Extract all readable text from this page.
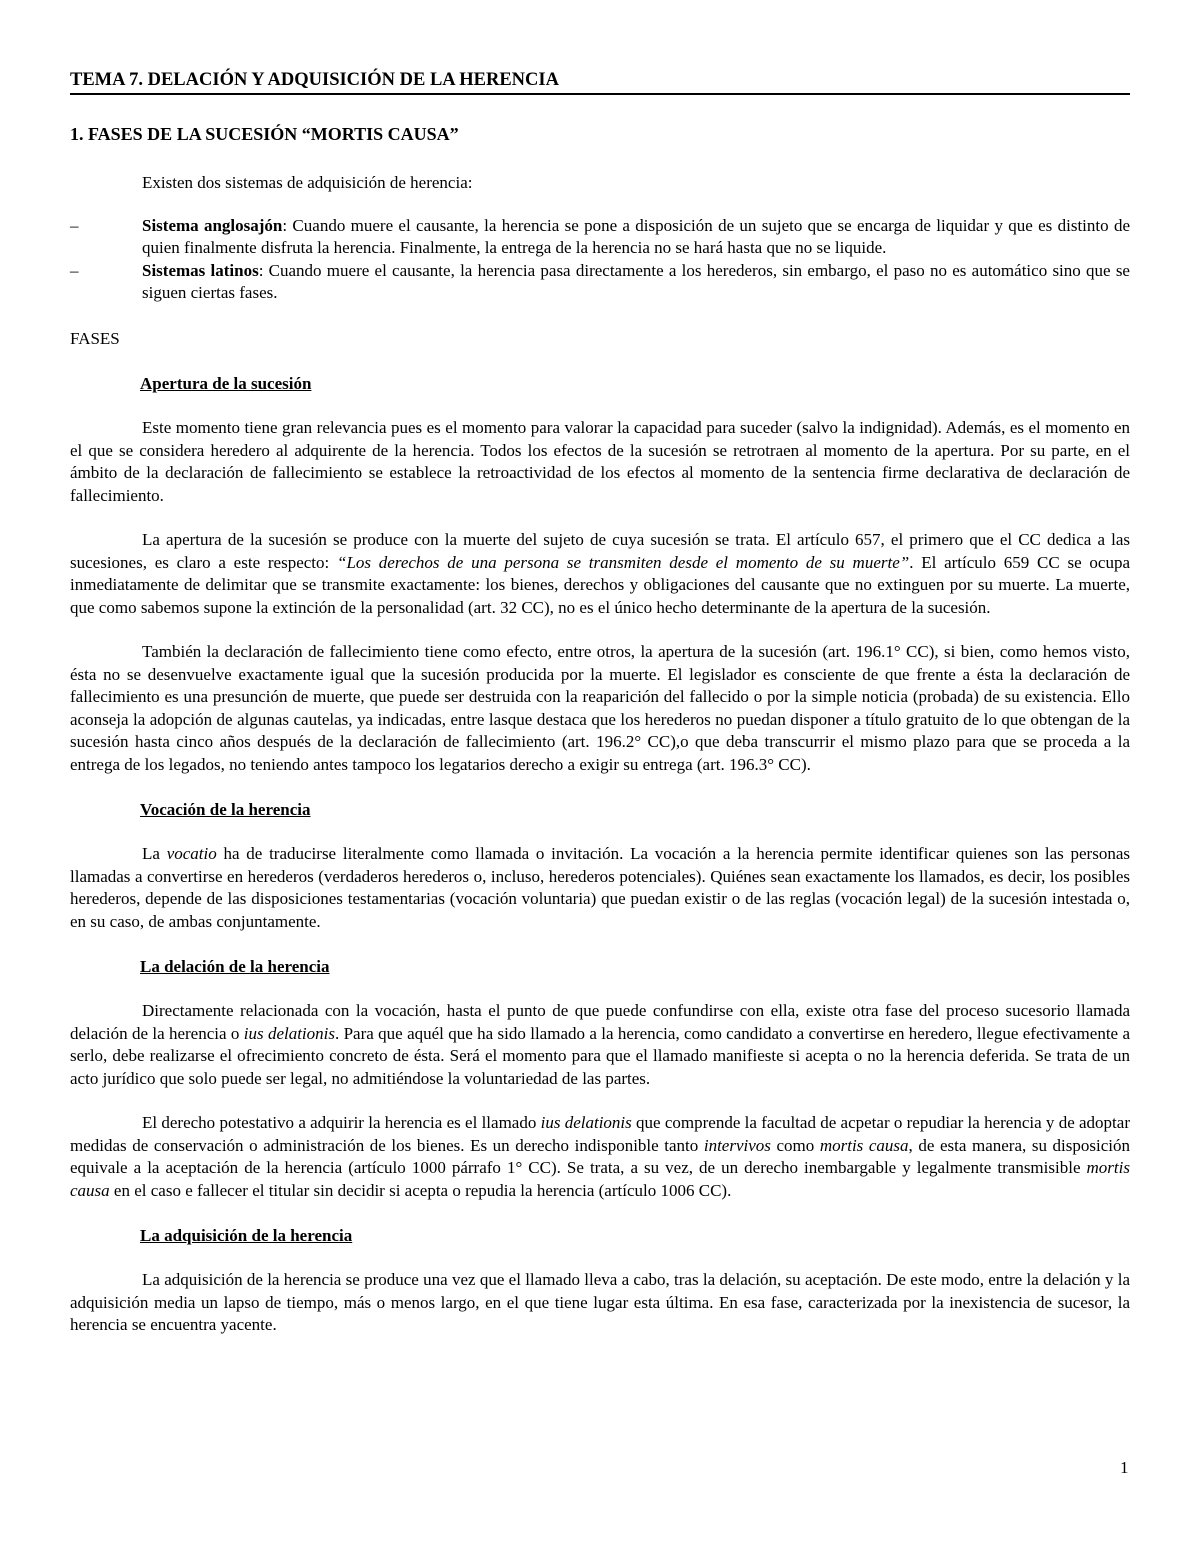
TEMA 7. DELACIÓN Y ADQUISICIÓN DE LA HERENCIA
1. FASES DE LA SUCESIÓN “MORTIS CAUSA”

Existen dos sistemas de adquisición de herencia:

–	Sistema anglosajón: Cuando muere el causante, la herencia se pone a disposición de un sujeto que se encarga de liquidar y que es distinto de quien finalmente disfruta la herencia. Finalmente, la entrega de la herencia no se hará hasta que no se liquide.
–	Sistemas latinos: Cuando muere el causante, la herencia pasa directamente a los herederos, sin embargo, el paso no es automático sino que se siguen ciertas fases.

FASES

Apertura de la sucesión

Este momento tiene gran relevancia pues es el momento para valorar la capacidad para suceder (salvo la indignidad). Además, es el momento en el que se considera heredero al adquirente de la herencia. Todos los efectos de la sucesión se retrotraen al momento de la apertura. Por su parte, en el ámbito de la declaración de fallecimiento se establece la retroactividad de los efectos al momento de la sentencia firme declarativa de declaración de fallecimiento.

La apertura de la sucesión se produce con la muerte del sujeto de cuya sucesión se trata. El artículo 657, el primero que el CC dedica a las sucesiones, es claro a este respecto: “Los derechos de una persona se transmiten desde el momento de su muerte”. El artículo 659 CC se ocupa inmediatamente de delimitar que se transmite exactamente: los bienes, derechos y obligaciones del causante que no extinguen por su muerte. La muerte, que como sabemos supone la extinción de la personalidad (art. 32 CC), no es el único hecho determinante de la apertura de la sucesión.

También la declaración de fallecimiento tiene como efecto, entre otros, la apertura de la sucesión (art. 196.1° CC), si bien, como hemos visto, ésta no se desenvuelve exactamente igual que la sucesión producida por la muerte. El legislador es consciente de que frente a ésta la declaración de fallecimiento es una presunción de muerte, que puede ser destruida con la reaparición del fallecido o por la simple noticia (probada) de su existencia. Ello aconseja la adopción de algunas cautelas, ya indicadas, entre lasque destaca que los herederos no puedan disponer a título gratuito de lo que obtengan de la sucesión hasta cinco años después de la declaración de fallecimiento (art. 196.2° CC),o que deba transcurrir el mismo plazo para que se proceda a la entrega de los legados, no teniendo antes tampoco los legatarios derecho a exigir su entrega (art. 196.3° CC).

Vocación de la herencia

La vocatio ha de traducirse literalmente como llamada o invitación. La vocación a la herencia permite identificar quienes son las personas llamadas a convertirse en herederos (verdaderos herederos o, incluso, herederos potenciales). Quiénes sean exactamente los llamados, es decir, los posibles herederos, depende de las disposiciones testamentarias (vocación voluntaria) que puedan existir o de las reglas (vocación legal) de la sucesión intestada o, en su caso, de ambas conjuntamente.

La delación de la herencia

Directamente relacionada con la vocación, hasta el punto de que puede confundirse con ella, existe otra fase del proceso sucesorio llamada delación de la herencia o ius delationis. Para que aquél que ha sido llamado a la herencia, como candidato a convertirse en heredero, llegue efectivamente a serlo, debe realizarse el ofrecimiento concreto de ésta. Será el momento para que el llamado manifieste si acepta o no la herencia deferida. Se trata de un acto jurídico que solo puede ser legal, no admitiéndose la voluntariedad de las partes.

El derecho potestativo a adquirir la herencia es el llamado ius delationis que comprende la facultad de acpetar o repudiar la herencia y de adoptar medidas de conservación o administración de los bienes. Es un derecho indisponible tanto intervivos como mortis causa, de esta manera, su disposición equivale a la aceptación de la herencia (artículo 1000 párrafo 1° CC). Se trata, a su vez, de un derecho inembargable y legalmente transmisible mortis causa en el caso e fallecer el titular sin decidir si acepta o repudia la herencia (artículo 1006 CC).

La adquisición de la herencia

La adquisición de la herencia se produce una vez que el llamado lleva a cabo, tras la delación, su aceptación. De este modo, entre la delación y la adquisición media un lapso de tiempo, más o menos largo, en el que tiene lugar esta última. En esa fase, caracterizada por la inexistencia de sucesor, la herencia se encuentra yacente.

1
